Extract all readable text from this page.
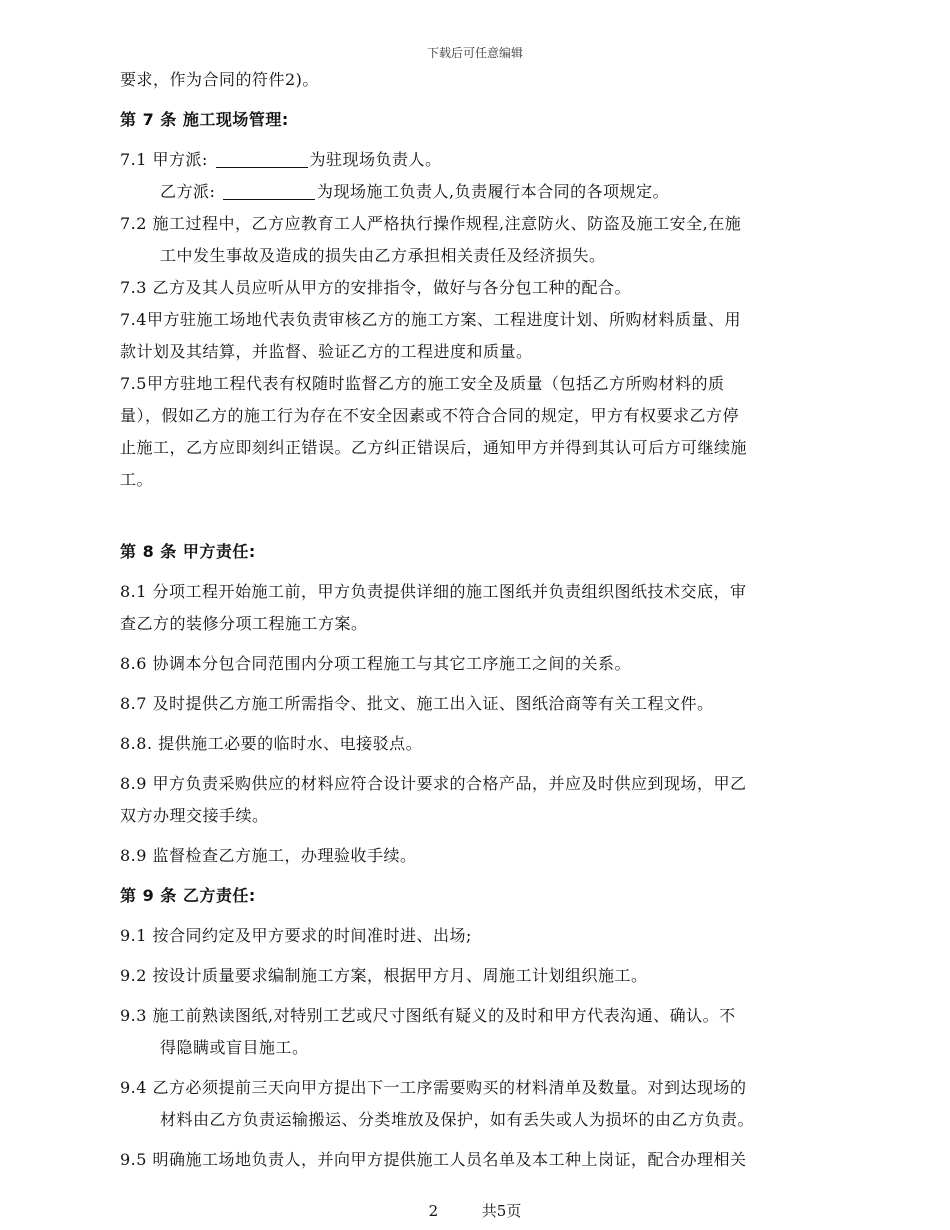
下载后可任意编辑
要求，作为合同的符件2)。
第 7 条 施工现场管理:
7.1 甲方派:	为驻现场负责人。
乙方派:	为现场施工负责人,负责履行本合同的各项规定。
7.2 施工过程中，乙方应教育工人严格执行操作规程,注意防火、防盗及施工安全,在施
工中发生事故及造成的损失由乙方承担相关责任及经济损失。
7.3 乙方及其人员应听从甲方的安排指令，做好与各分包工种的配合。
7.4甲方驻施工场地代表负责审核乙方的施工方案、工程进度计划、所购材料质量、用
款计划及其结算，并监督、验证乙方的工程进度和质量。
7.5甲方驻地工程代表有权随时监督乙方的施工安全及质量（包括乙方所购材料的质
量），假如乙方的施工行为存在不安全因素或不符合合同的规定，甲方有权要求乙方停
止施工，乙方应即刻纠正错误。乙方纠正错误后，通知甲方并得到其认可后方可继续施
工。
第 8 条 甲方责任:
8.1 分项工程开始施工前，甲方负责提供详细的施工图纸并负责组织图纸技术交底，审
查乙方的装修分项工程施工方案。
8.6 协调本分包合同范围内分项工程施工与其它工序施工之间的关系。
8.7 及时提供乙方施工所需指令、批文、施工出入证、图纸洽商等有关工程文件。
8.8. 提供施工必要的临时水、电接驳点。
8.9 甲方负责采购供应的材料应符合设计要求的合格产品，并应及时供应到现场，甲乙
双方办理交接手续。
8.9 监督检查乙方施工，办理验收手续。
第 9 条 乙方责任:
9.1 按合同约定及甲方要求的时间准时进、出场;
9.2 按设计质量要求编制施工方案，根据甲方月、周施工计划组织施工。
9.3 施工前熟读图纸,对特别工艺或尺寸图纸有疑义的及时和甲方代表沟通、确认。不
得隐瞒或盲目施工。
9.4 乙方必须提前三天向甲方提出下一工序需要购买的材料清单及数量。对到达现场的
材料由乙方负责运输搬运、分类堆放及保护，如有丢失或人为损坏的由乙方负责。
9.5 明确施工场地负责人，并向甲方提供施工人员名单及本工种上岗证，配合办理相关
2	共5页
